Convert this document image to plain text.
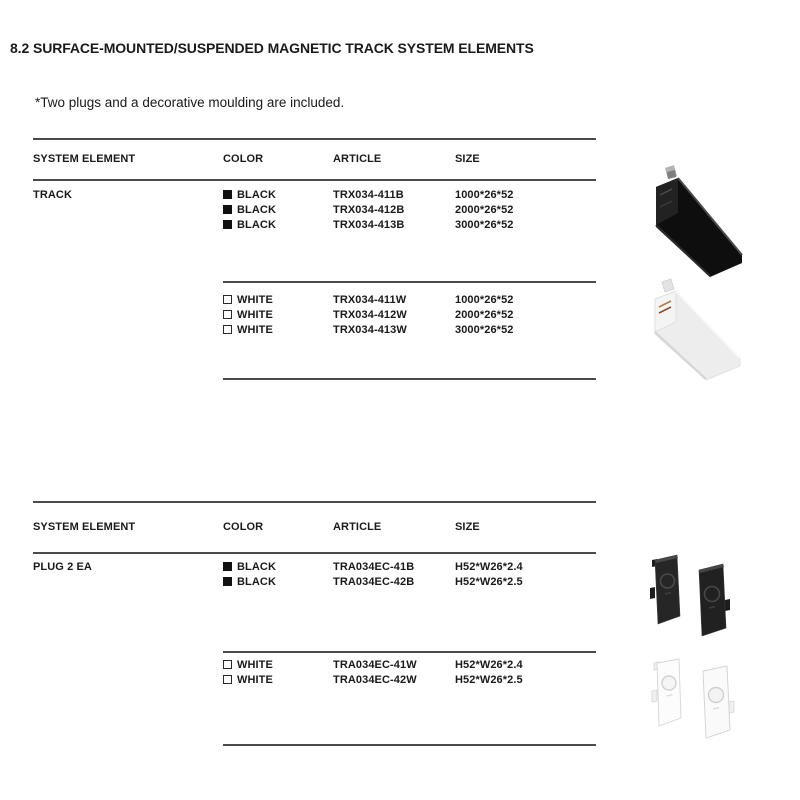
8.2 SURFACE-MOUNTED/SUSPENDED MAGNETIC TRACK SYSTEM ELEMENTS
*Two plugs and a decorative moulding are included.
SYSTEM ELEMENT	COLOR	ARTICLE	SIZE
TRACK	BLACK	TRX034-411B	1000*26*52
BLACK	TRX034-412B	2000*26*52
BLACK	TRX034-413B	3000*26*52
WHITE	TRX034-411W	1000*26*52
WHITE	TRX034-412W	2000*26*52
WHITE	TRX034-413W	3000*26*52
SYSTEM ELEMENT	COLOR	ARTICLE	SIZE
PLUG 2 EA	BLACK	TRA034EC-41B	H52*W26*2.4
BLACK	TRA034EC-42B	H52*W26*2.5
WHITE	TRA034EC-41W	H52*W26*2.4
WHITE	TRA034EC-42W	H52*W26*2.5
